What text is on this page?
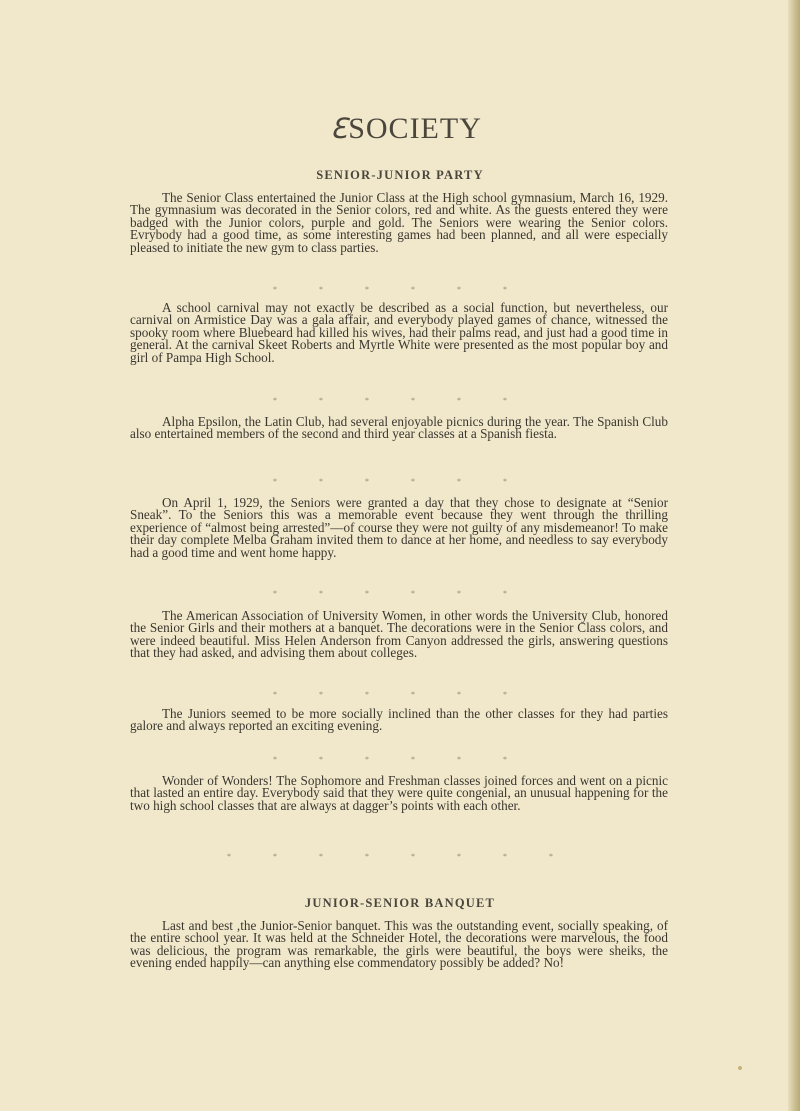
ℇSOCIETY
SENIOR-JUNIOR PARTY
The Senior Class entertained the Junior Class at the High school gymnasium, March 16, 1929. The gymnasium was decorated in the Senior colors, red and white. As the guests entered they were badged with the Junior colors, purple and gold. The Seniors were wearing the Senior colors. Evrybody had a good time, as some interesting games had been planned, and all were especially pleased to initiate the new gym to class parties.
* * * * * *
A school carnival may not exactly be described as a social function, but nevertheless, our carnival on Armistice Day was a gala affair, and everybody played games of chance, witnessed the spooky room where Bluebeard had killed his wives, had their palms read, and just had a good time in general. At the carnival Skeet Roberts and Myrtle White were presented as the most popular boy and girl of Pampa High School.
* * * * * *
Alpha Epsilon, the Latin Club, had several enjoyable picnics during the year. The Spanish Club also entertained members of the second and third year classes at a Spanish fiesta.
* * * * * *
On April 1, 1929, the Seniors were granted a day that they chose to designate at “Senior Sneak”. To the Seniors this was a memorable event because they went through the thrilling experience of “almost being arrested”—of course they were not guilty of any misdemeanor! To make their day complete Melba Graham invited them to dance at her home, and needless to say everybody had a good time and went home happy.
* * * * * *
The American Association of University Women, in other words the University Club, honored the Senior Girls and their mothers at a banquet. The decorations were in the Senior Class colors, and were indeed beautiful. Miss Helen Anderson from Canyon addressed the girls, answering questions that they had asked, and advising them about colleges.
* * * * * *
The Juniors seemed to be more socially inclined than the other classes for they had parties galore and always reported an exciting evening.
* * * * * *
Wonder of Wonders! The Sophomore and Freshman classes joined forces and went on a picnic that lasted an entire day. Everybody said that they were quite congenial, an unusual happening for the two high school classes that are always at dagger’s points with each other.
* * * * * * * *
JUNIOR-SENIOR BANQUET
Last and best ,the Junior-Senior banquet. This was the outstanding event, socially speaking, of the entire school year. It was held at the Schneider Hotel, the decorations were marvelous, the food was delicious, the program was remarkable, the girls were beautiful, the boys were sheiks, the evening ended happily—can anything else commendatory possibly be added? No!
